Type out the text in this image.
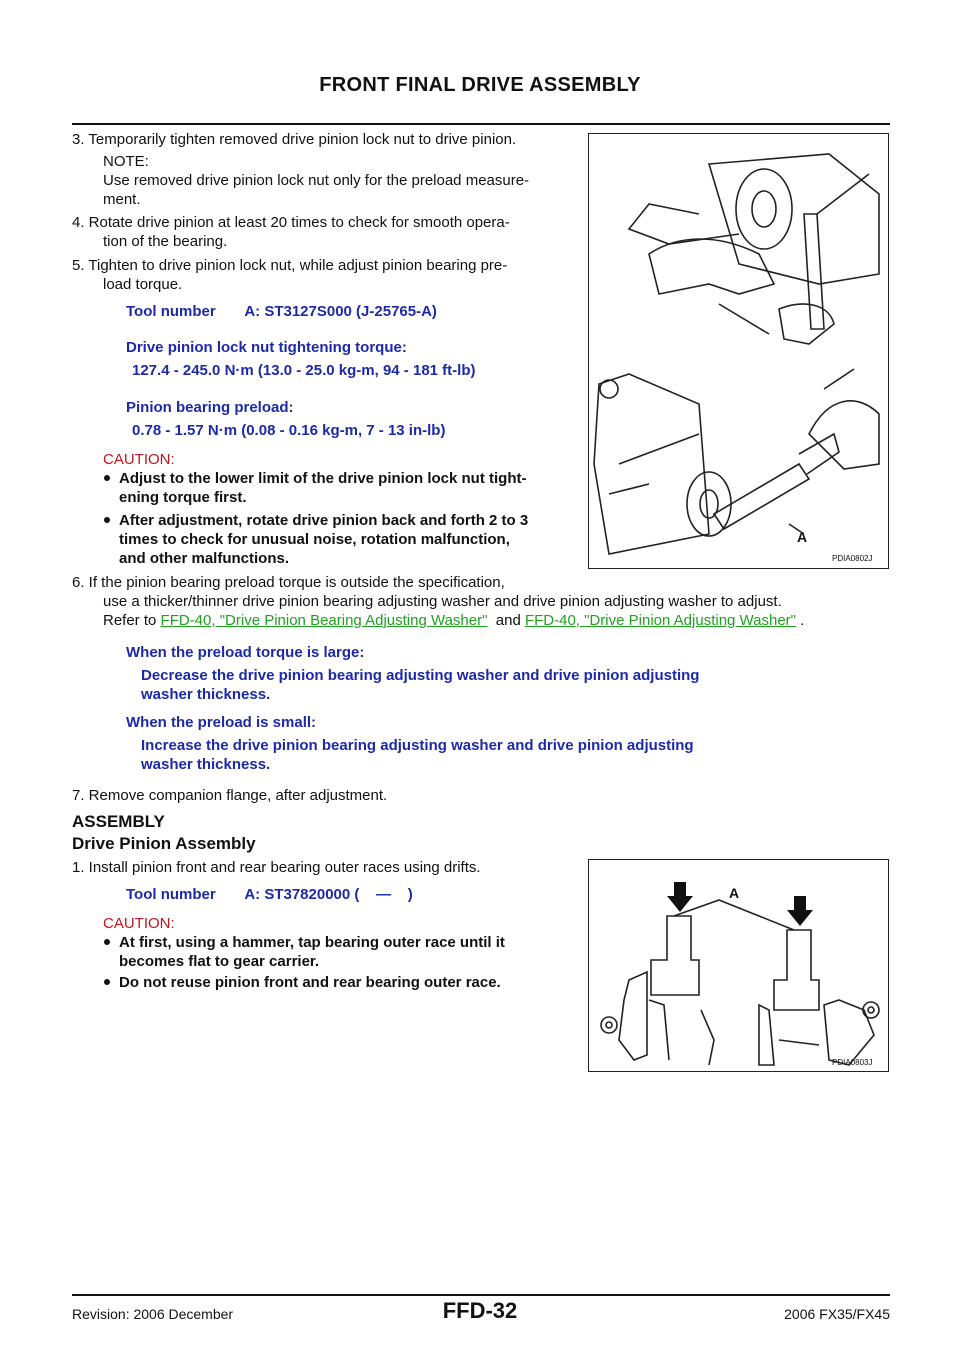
FRONT FINAL DRIVE ASSEMBLY
3. Temporarily tighten removed drive pinion lock nut to drive pinion.
NOTE:
Use removed drive pinion lock nut only for the preload measure-
ment.
4. Rotate drive pinion at least 20 times to check for smooth opera-
tion of the bearing.
5. Tighten to drive pinion lock nut, while adjust pinion bearing pre-
load torque.
Tool number       A: ST3127S000 (J-25765-A)
Drive pinion lock nut tightening torque:
127.4 - 245.0 N·m (13.0 - 25.0 kg-m, 94 - 181 ft-lb)
Pinion bearing preload:
0.78 - 1.57 N·m (0.08 - 0.16 kg-m, 7 - 13 in-lb)
CAUTION:
Adjust to the lower limit of the drive pinion lock nut tight-
ening torque first.
After adjustment, rotate drive pinion back and forth 2 to 3
times to check for unusual noise, rotation malfunction,
and other malfunctions.
6. If the pinion bearing preload torque is outside the specification,
use a thicker/thinner drive pinion bearing adjusting washer and drive pinion adjusting washer to adjust.
Refer to FFD-40, "Drive Pinion Bearing Adjusting Washer"  and FFD-40, "Drive Pinion Adjusting Washer" .
When the preload torque is large:
Decrease the drive pinion bearing adjusting washer and drive pinion adjusting
washer thickness.
When the preload is small:
Increase the drive pinion bearing adjusting washer and drive pinion adjusting
washer thickness.
7. Remove companion flange, after adjustment.
ASSEMBLY
Drive Pinion Assembly
1. Install pinion front and rear bearing outer races using drifts.
Tool number       A: ST37820000 (    —    )
CAUTION:
At first, using a hammer, tap bearing outer race until it
becomes flat to gear carrier.
Do not reuse pinion front and rear bearing outer race.
A
PDIA0802J
A
PDIA0803J
Revision: 2006 December	FFD-32	2006 FX35/FX45
